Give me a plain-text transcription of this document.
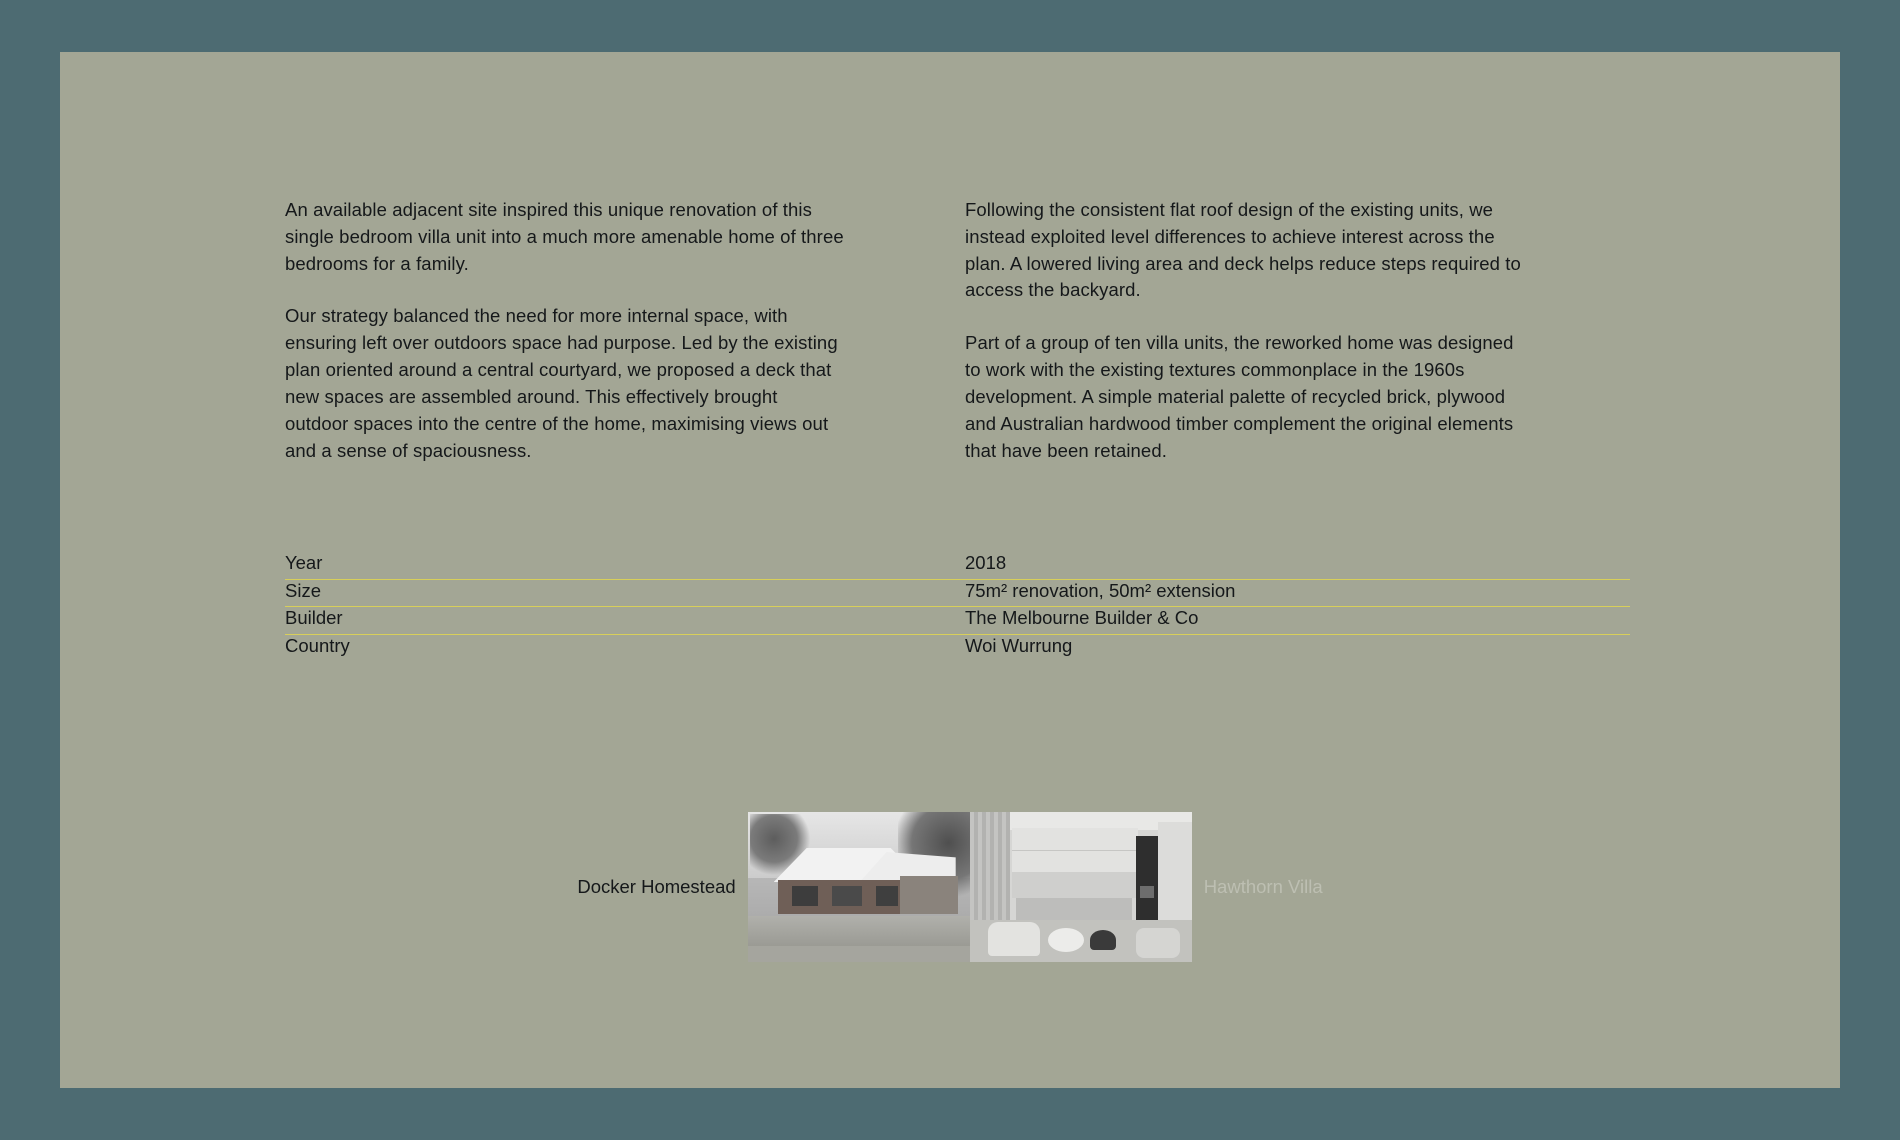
An available adjacent site inspired this unique renovation of this single bedroom villa unit into a much more amenable home of three bedrooms for a family.

Our strategy balanced the need for more internal space, with ensuring left over outdoors space had purpose. Led by the existing plan oriented around a central courtyard, we proposed a deck that new spaces are assembled around. This effectively brought outdoor spaces into the centre of the home, maximising views out and a sense of spaciousness.

Following the consistent flat roof design of the existing units, we instead exploited level differences to achieve interest across the plan. A lowered living area and deck helps reduce steps required to access the backyard.

Part of a group of ten villa units, the reworked home was designed to work with the existing textures commonplace in the 1960s development. A simple material palette of recycled brick, plywood and Australian hardwood timber complement the original elements that have been retained.

Year	2018
Size	75m² renovation, 50m² extension
Builder	The Melbourne Builder & Co
Country	Woi Wurrung
Docker Homestead	Hawthorn Villa
